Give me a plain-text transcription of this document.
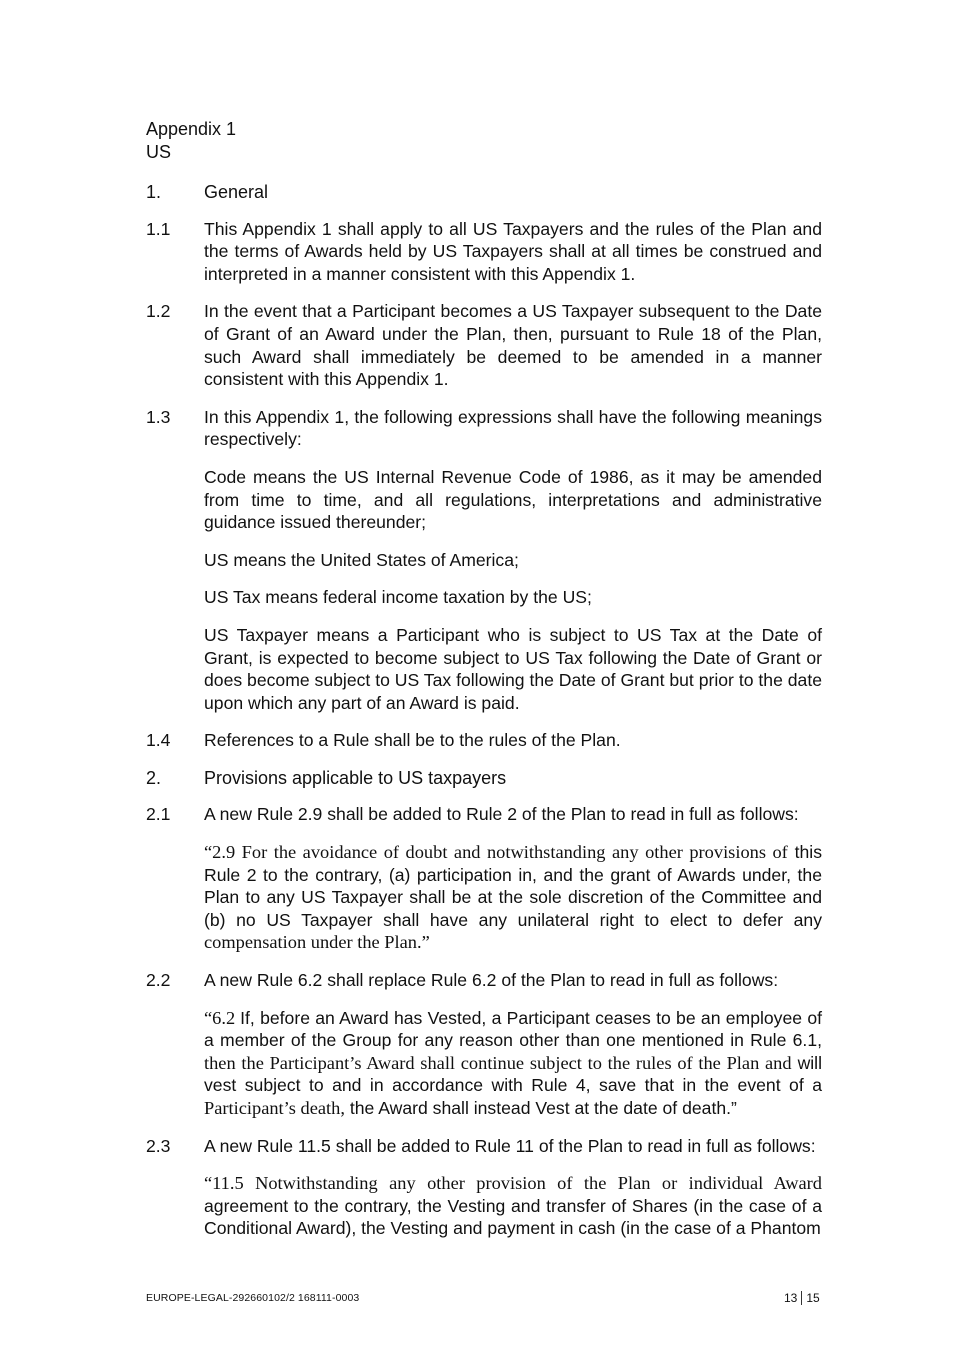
Appendix 1
US
1.	General
1.1	This Appendix 1 shall apply to all US Taxpayers and the rules of the Plan and the terms of Awards held by US Taxpayers shall at all times be construed and interpreted in a manner consistent with this Appendix 1.
1.2	In the event that a Participant becomes a US Taxpayer subsequent to the Date of Grant of an Award under the Plan, then, pursuant to Rule 18 of the Plan, such Award shall immediately be deemed to be amended in a manner consistent with this Appendix 1.
1.3	In this Appendix 1, the following expressions shall have the following meanings respectively:
Code means the US Internal Revenue Code of 1986, as it may be amended from time to time, and all regulations, interpretations and administrative guidance issued thereunder;
US means the United States of America;
US Tax means federal income taxation by the US;
US Taxpayer means a Participant who is subject to US Tax at the Date of Grant, is expected to become subject to US Tax following the Date of Grant or does become subject to US Tax following the Date of Grant but prior to the date upon which any part of an Award is paid.
1.4	References to a Rule shall be to the rules of the Plan.
2.	Provisions applicable to US taxpayers
2.1	A new Rule 2.9 shall be added to Rule 2 of the Plan to read in full as follows:
“2.9 For the avoidance of doubt and notwithstanding any other provisions of this Rule 2 to the contrary, (a) participation in, and the grant of Awards under, the Plan to any US Taxpayer shall be at the sole discretion of the Committee and (b) no US Taxpayer shall have any unilateral right to elect to defer any compensation under the Plan.”
2.2	A new Rule 6.2 shall replace Rule 6.2 of the Plan to read in full as follows:
“6.2 If, before an Award has Vested, a Participant ceases to be an employee of a member of the Group for any reason other than one mentioned in Rule 6.1, then the Participant’s Award shall continue subject to the rules of the Plan and will vest subject to and in accordance with Rule 4, save that in the event of a Participant’s death, the Award shall instead Vest at the date of death.”
2.3	A new Rule 11.5 shall be added to Rule 11 of the Plan to read in full as follows:
“11.5 Notwithstanding any other provision of the Plan or individual Award agreement to the contrary, the Vesting and transfer of Shares (in the case of a Conditional Award), the Vesting and payment in cash (in the case of a Phantom
EUROPE-LEGAL-292660102/2 168111-0003	13 15
